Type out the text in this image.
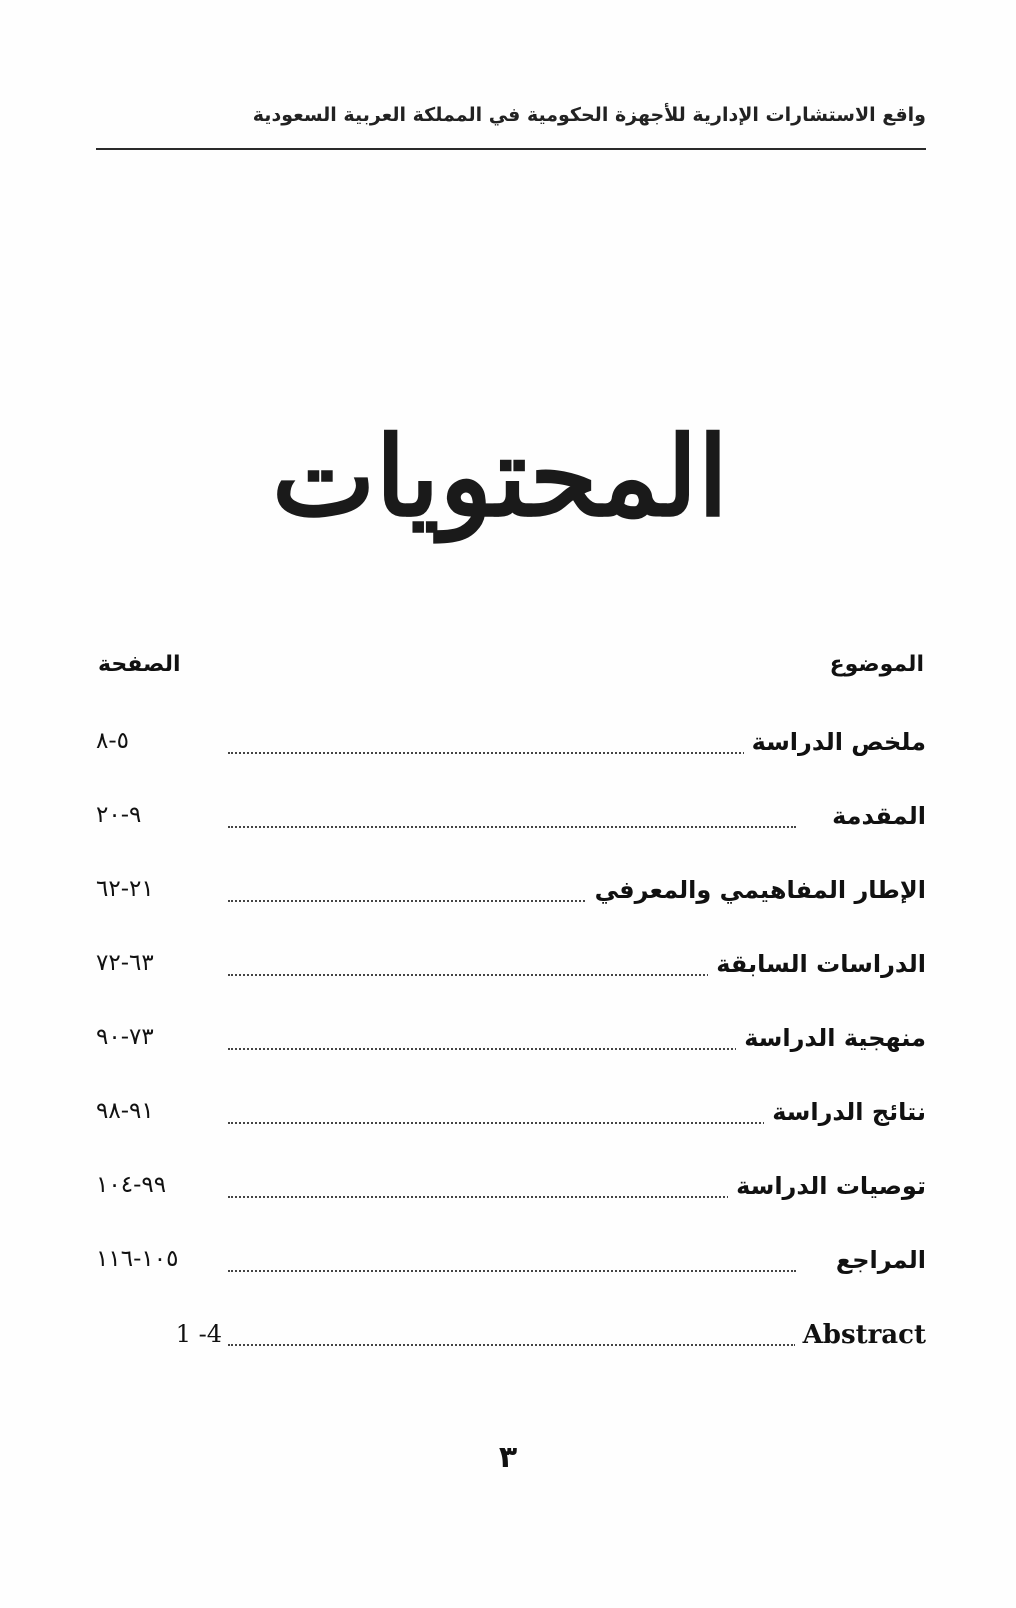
واقع الاستشارات الإدارية للأجهزة الحكومية في المملكة العربية السعودية
المحتويات
الموضوع
الصفحة
ملخص الدراسة
٥-٨
المقدمة
٩-٢٠
الإطار المفاهيمي والمعرفي
٢١-٦٢
الدراسات السابقة
٦٣-٧٢
منهجية الدراسة
٧٣-٩٠
نتائج الدراسة
٩١-٩٨
توصيات الدراسة
٩٩-١٠٤
المراجع
١٠٥-١١٦
Abstract
1 -4
٣
